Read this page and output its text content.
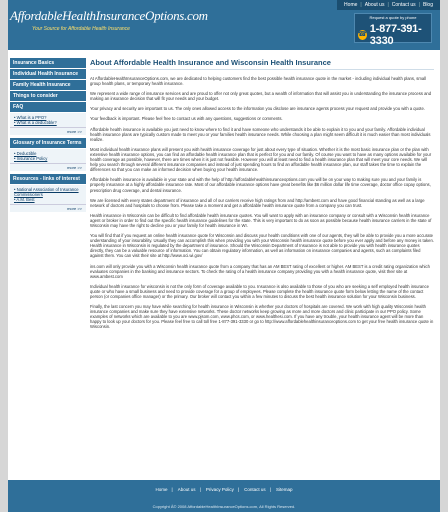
AffordableHealthInsuranceOptions.com
Your Source for Affordable Health Insurance
Home | About us | Contact us | Blog
Request a quote by phone
☎ 1-877-391-3330
Insurance Basics
Individual Health Insurance
Family Health Insurance
Things to consider
FAQ
• What is a PPO?
• What is a deductible?
more >>
Glossary of Insurance Terms
• Deductible
• Insurance Policy
more >>
Resources - links of interest
• National Association of Insurance Commissioners
• A.M. Best
more >>
About Affordable Health Insurance and Wisconsin Health Insurance

At AffordableHealthInsuranceOptions.com, we are dedicated to helping customers find the best possible health insurance quote in the market - including individual health plans, small group health plans, or temporary health insurance.

We represent a wide range of insurance services and are proud to offer not only great quotes, but a wealth of information that will assist you in understanding the insurance process and making an insurance decision that will fit your needs and your budget.

Your privacy and security are important to us. The only ones allowed access to the information you disclose are insurance agents process your request and provide you with a quote.

Your feedback is important. Please feel free to contact us with any questions, suggestions or comments.

Affordable health insurance is available you just need to know where to find it and have someone who understands it be able to explain it to you and your family. Affordable individual health insurance plans are typically custom made to meet you or your families health insurance needs. While choosing a plan might seem difficult it is much easier than most individuals realize.

Most individual health insurance plans will present you with health insurance coverage for just about every type of situation. Whether it is the most basic insurance plan or the plan with extensive health insurance options, you can find an affordable health insurance plan that is perfect for you and our family. Of course you want to have as many options available for your health coverage as possible, however, there are times when it is just not feasible. However you will at least need to find a health insurance plan that will meet your core needs. We will help you search through several different insurance companies and instead of just spending hours to find an affordable health insurance plan, our staff takes the time to explain the differences so that you can make an informed decision when buying your health insurance.

Affordable health insurance is available in your state and with the help of http://affordablehealthinsuranceoptions.com you will be on your way to making sure you and your family is properly insurance at a highly affordable insurance rate. Most of our affordable insurance options have great benefits like $6 million dollar life time coverage, doctor office copay options, prescription drug coverage, and dental insurance.

We are licensed with every states department of insurance and all of our carriers receive high ratings from and http://ambest.com and have good financial standing as well as a large network of doctors and hospitals to choose from. Please take a moment and get a affordable health insurance quote from a company you can trust.

Health insurance in Wisconsin can be difficult to find affordable health insurance quotes. You will want to apply with an insurance company or consult with a Wisconsin health insurance agent or broker in order to find out the specific health insurance guidelines for the state. This is very important to do as soon as possible because health insurance carriers in the state of Wisconsin may have the right to decline you or your family for health insurance in WI.

You will find that if you request an online health insurance quote for Wisconsin and discuss your health conditions with one of our agents, they will be able to provide you a more accurate understanding of your insurability. Usually they can accomplish this when providing you with your Wisconsin health insurance quote before you ever apply and before any money is taken. Health insurance in Wisconsin is regulated by the department of insurance. Should the Wisconsin Department of Insurance is not able to provide you with health insurance quotes directly, they can be a valuable resource of information. You can obtain regulatory information, as well as information on insurance companies and agents, such as complaints filed against them. You can visit their site at http://www.oci.wi.gov/

ins.oom will only provide you with a Wisconsin health insurance quote from a company that has an AM BEST rating of excellent or higher. AM BEST is a credit rating organization which evaluates companies in the banking and insurance sectors. To check the rating of a health insurance company providing you with a health insurance quote, visit their site at www.ambest.com

Individual health insurance for wisconsin is not the only form of coverage available to you. Insurance is also available to those of you who are seeking a self employed health insurance quote or who have a small business and need to provide coverage for a group of employees. Please complete the health insurance quote form below letting the name of the contact person (or companies office manager) or the primary. Our broker will contact you within a few minutes to discuss the best health insurance solution for your Wisconsin business.

Finally, the last concern you may have while searching for health insurance in Wisconsin is whether your doctors of hospitals are covered. We work with high quality Wisconsin health insurance companies and make sure they have extensive networks. These doctor networks keep growing as more and more doctors and clinic participate in our PPO policy. Some examples of networks which are available to you are www.pjsom.com, www.phcs.com, or www.healthesi.com. If you have any trouble, your health insurance agent will be more than happy to look up your doctors for you. Please feel free to call toll free 1-877-391-3330 or go to http://www.affordablehealthinsuranceoptions.com to get your free health insurance quote in Wisconsin.

Home | About us | Privacy Policy | Contact us | Sitemap
Copyright Â© 2008 AffordableHealthInsuranceOptions.com, All Rights Reserved.
